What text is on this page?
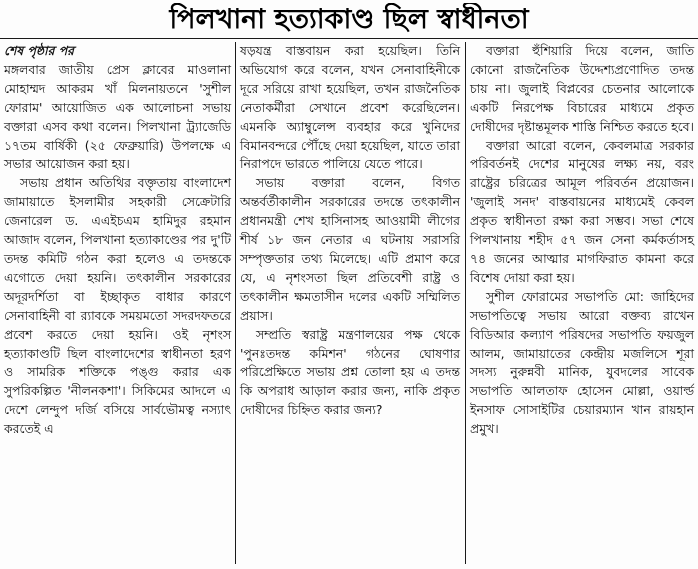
পিলখানা হত্যাকাণ্ড ছিল স্বাধীনতা

শেষ পৃষ্ঠার পর

মঙ্গলবার জাতীয় প্রেস ক্লাবের মাওলানা মোহাম্মদ আকরম খাঁ মিলনায়তনে 'সুশীল ফোরাম' আয়োজিত এক আলোচনা সভায় বক্তারা এসব কথা বলেন। পিলখানা ট্র্যাজেডি ১৭তম বার্ষিকী (২৫ ফেব্রুয়ারি) উপলক্ষে এ সভার আয়োজন করা হয়।

সভায় প্রধান অতিথির বক্তৃতায় বাংলাদেশ জামায়াতে ইসলামীর সহকারী সেক্রেটারি জেনারেল ড. এএইচএম হামিদুর রহমান আজাদ বলেন, পিলখানা হত্যাকাণ্ডের পর দু'টি তদন্ত কমিটি গঠন করা হলেও এ তদন্তকে এগোতে দেয়া হয়নি। তৎকালীন সরকারের অদূরদর্শিতা বা ইচ্ছাকৃত বাধার কারণে সেনাবাহিনী বা র‍্যাবকে সময়মতো সদরদফতরে প্রবেশ করতে দেয়া হয়নি। ওই নৃশংস হত্যাকাণ্ডটি ছিল বাংলাদেশের স্বাধীনতা হরণ ও সামরিক শক্তিকে পঙ্গু করার এক সুপরিকল্পিত 'নীলনকশা'। সিকিমের আদলে এ দেশে লেন্দুপ দর্জি বসিয়ে সার্বভৌমত্ব নস্যাৎ করতেই এ

ষড়যন্ত্র বাস্তবায়ন করা হয়েছিল। তিনি অভিযোগ করে বলেন, যখন সেনাবাহিনীকে দূরে সরিয়ে রাখা হয়েছিল, তখন রাজনৈতিক নেতাকর্মীরা সেখানে প্রবেশ করেছিলেন। এমনকি অ্যাম্বুলেন্স ব্যবহার করে খুনিদের বিমানবন্দরে পৌঁছে দেয়া হয়েছিল, যাতে তারা নিরাপদে ভারতে পালিয়ে যেতে পারে।

সভায় বক্তারা বলেন, বিগত অন্তর্বর্তীকালীন সরকারের তদন্তে তৎকালীন প্রধানমন্ত্রী শেখ হাসিনাসহ আওয়ামী লীগের শীর্ষ ১৮ জন নেতার এ ঘটনায় সরাসরি সম্পৃক্ততার তথ্য মিলেছে। এটি প্রমাণ করে যে, এ নৃশংসতা ছিল প্রতিবেশী রাষ্ট্র ও তৎকালীন ক্ষমতাসীন দলের একটি সম্মিলিত প্রয়াস।

সম্প্রতি স্বরাষ্ট্র মন্ত্রণালয়ের পক্ষ থেকে 'পুনঃতদন্ত কমিশন' গঠনের ঘোষণার পরিপ্রেক্ষিতে সভায় প্রশ্ন তোলা হয় এ তদন্ত কি অপরাধ আড়াল করার জন্য, নাকি প্রকৃত দোষীদের চিহ্নিত করার জন্য?

বক্তারা হুঁশিয়ারি দিয়ে বলেন, জাতি কোনো রাজনৈতিক উদ্দেশ্যপ্রণোদিত তদন্ত চায় না। জুলাই বিপ্লবের চেতনার আলোকে একটি নিরপেক্ষ বিচারের মাধ্যমে প্রকৃত দোষীদের দৃষ্টান্তমূলক শাস্তি নিশ্চিত করতে হবে।

বক্তারা আরো বলেন, কেবলমাত্র সরকার পরিবর্তনই দেশের মানুষের লক্ষ্য নয়, বরং রাষ্ট্রের চরিত্রের আমূল পরিবর্তন প্রয়োজন। 'জুলাই সনদ' বাস্তবায়নের মাধ্যমেই কেবল প্রকৃত স্বাধীনতা রক্ষা করা সম্ভব। সভা শেষে পিলখানায় শহীদ ৫৭ জন সেনা কর্মকর্তাসহ ৭৪ জনের আত্মার মাগফিরাত কামনা করে বিশেষ দোয়া করা হয়।

সুশীল ফোরামের সভাপতি মো: জাহিদের সভাপতিত্বে সভায় আরো বক্তব্য রাখেন বিডিআর কল্যাণ পরিষদের সভাপতি ফয়জুল আলম, জামায়াতের কেন্দ্রীয় মজলিসে শূরা সদস্য নুরুন্নবী মানিক, যুবদলের সাবেক সভাপতি আলতাফ হোসেন মোল্লা, ওয়ার্ল্ড ইনসাফ সোসাইটির চেয়ারম্যান খান রায়হান প্রমুখ।
